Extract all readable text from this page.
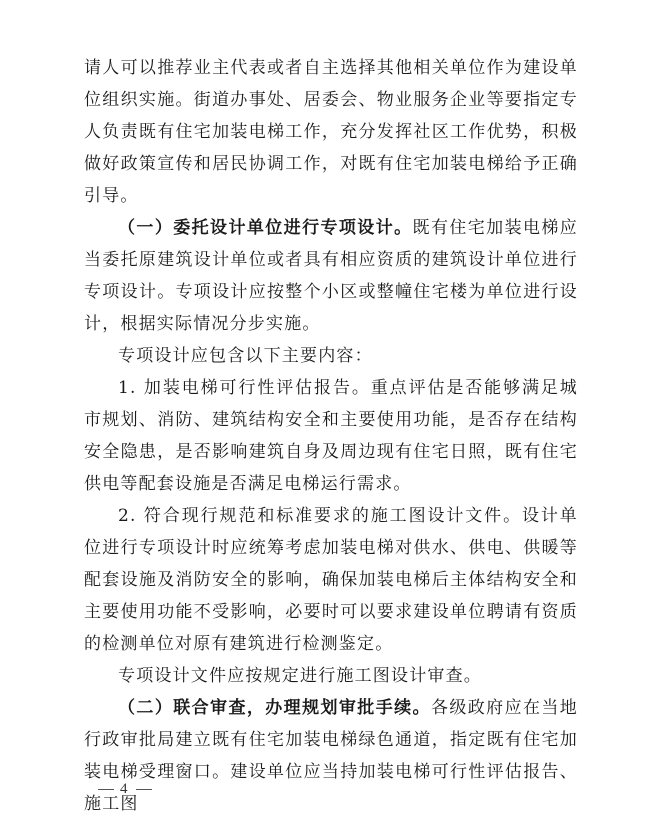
请人可以推荐业主代表或者自主选择其他相关单位作为建设单位组织实施。街道办事处、居委会、物业服务企业等要指定专人负责既有住宅加装电梯工作，充分发挥社区工作优势，积极做好政策宣传和居民协调工作，对既有住宅加装电梯给予正确引导。

（一）委托设计单位进行专项设计。既有住宅加装电梯应当委托原建筑设计单位或者具有相应资质的建筑设计单位进行专项设计。专项设计应按整个小区或整幢住宅楼为单位进行设计，根据实际情况分步实施。

专项设计应包含以下主要内容：

1. 加装电梯可行性评估报告。重点评估是否能够满足城市规划、消防、建筑结构安全和主要使用功能，是否存在结构安全隐患，是否影响建筑自身及周边现有住宅日照，既有住宅供电等配套设施是否满足电梯运行需求。

2. 符合现行规范和标准要求的施工图设计文件。设计单位进行专项设计时应统筹考虑加装电梯对供水、供电、供暖等配套设施及消防安全的影响，确保加装电梯后主体结构安全和主要使用功能不受影响，必要时可以要求建设单位聘请有资质的检测单位对原有建筑进行检测鉴定。

专项设计文件应按规定进行施工图设计审查。

（二）联合审查，办理规划审批手续。各级政府应在当地行政审批局建立既有住宅加装电梯绿色通道，指定既有住宅加装电梯受理窗口。建设单位应当持加装电梯可行性评估报告、施工图

4
